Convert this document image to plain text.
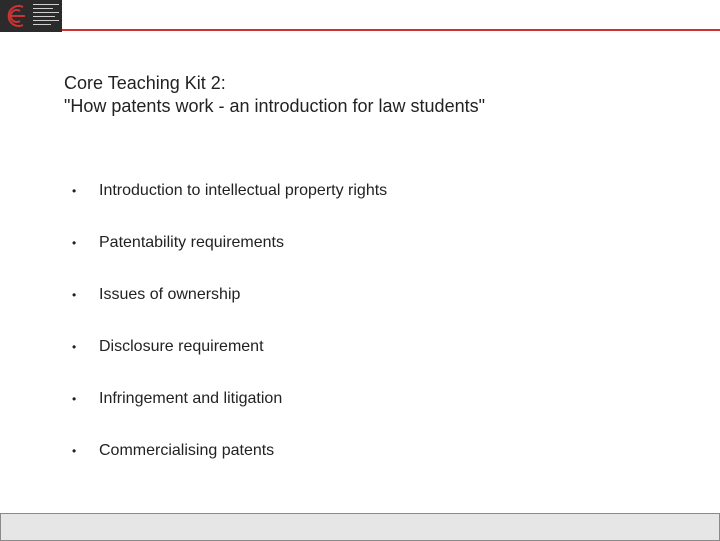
Core Teaching Kit 2:
"How patents work - an introduction for law students"
•	Introduction to intellectual property rights
•	Patentability requirements
•	Issues of ownership
•	Disclosure requirement
•	Infringement and litigation
•	Commercialising patents
